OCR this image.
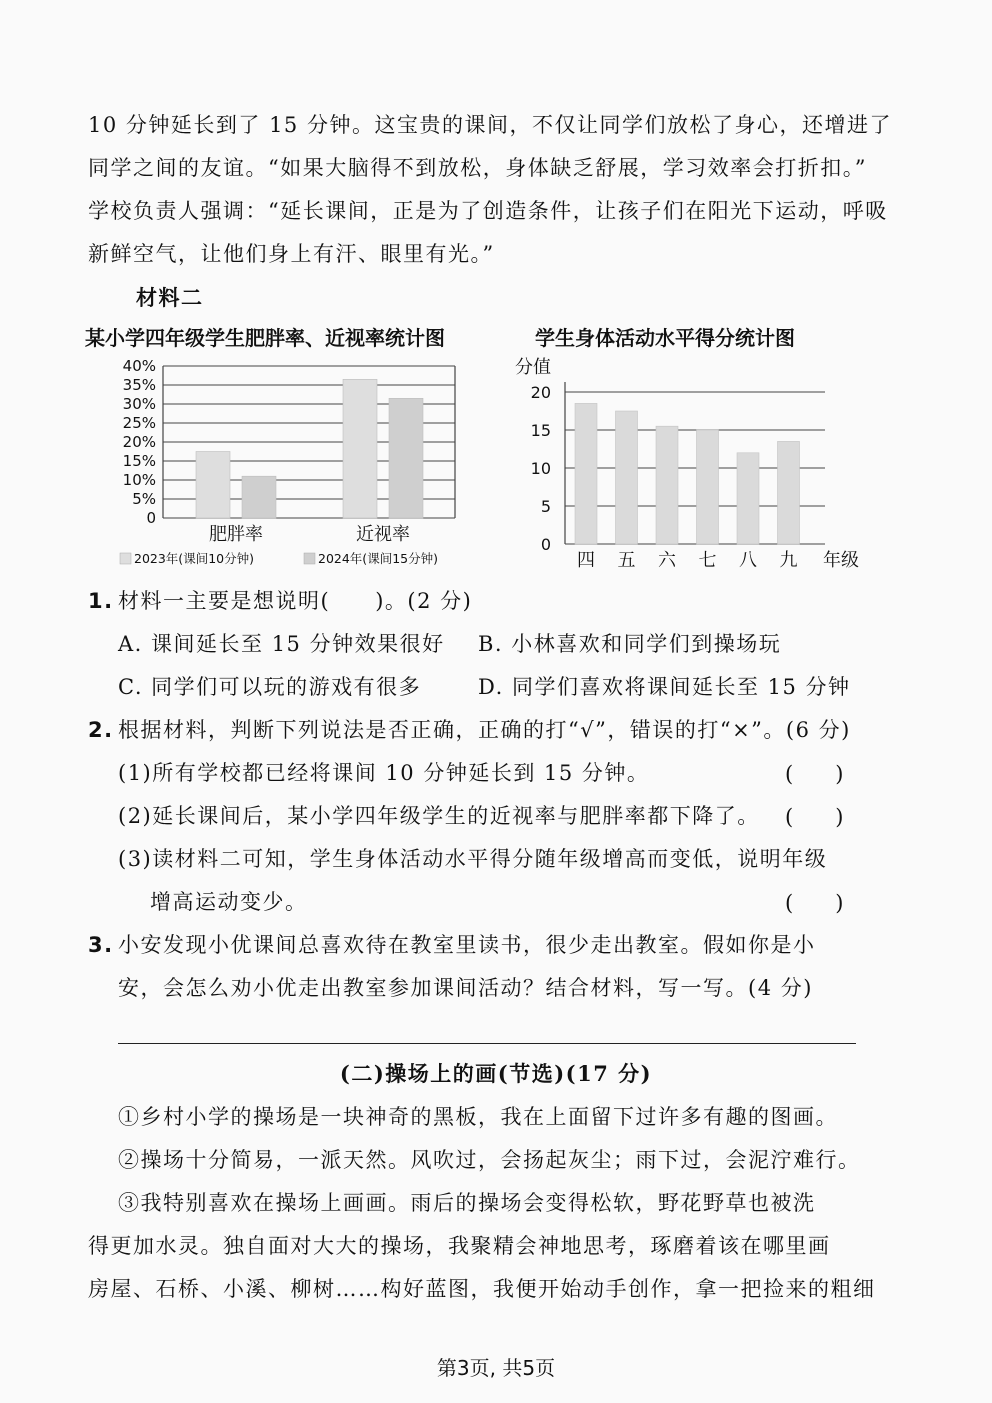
10 分钟延长到了 15 分钟。这宝贵的课间，不仅让同学们放松了身心，还增进了
同学之间的友谊。“如果大脑得不到放松，身体缺乏舒展，学习效率会打折扣。”
学校负责人强调：“延长课间，正是为了创造条件，让孩子们在阳光下运动，呼吸
新鲜空气，让他们身上有汗、眼里有光。”
材料二
某小学四年级学生肥胖率、近视率统计图
0
5%
10%
15%
20%
25%
30%
35%
40%
肥胖率	近视率
2023年(课间10分钟)	2024年(课间15分钟)
学生身体活动水平得分统计图
分值
0
5
10
15
20
四 五 六 七 八 九 年级
1. 材料一主要是想说明(　　)。(2 分)
A. 课间延长至 15 分钟效果很好 B. 小林喜欢和同学们到操场玩
C. 同学们可以玩的游戏有很多	D. 同学们喜欢将课间延长至 15 分钟
2. 根据材料，判断下列说法是否正确，正确的打“√”，错误的打“×”。(6 分)
(1)所有学校都已经将课间 10 分钟延长到 15 分钟。	(　　)
(2)延长课间后，某小学四年级学生的近视率与肥胖率都下降了。 (　　)
(3)读材料二可知，学生身体活动水平得分随年级增高而变低，说明年级
增高运动变少。	(　　)
3. 小安发现小优课间总喜欢待在教室里读书，很少走出教室。假如你是小
安，会怎么劝小优走出教室参加课间活动？结合材料，写一写。(4 分)
(二)操场上的画(节选)(17 分)
①乡村小学的操场是一块神奇的黑板，我在上面留下过许多有趣的图画。
②操场十分简易，一派天然。风吹过，会扬起灰尘；雨下过，会泥泞难行。
③我特别喜欢在操场上画画。雨后的操场会变得松软，野花野草也被洗
得更加水灵。独自面对大大的操场，我聚精会神地思考，琢磨着该在哪里画
房屋、石桥、小溪、柳树……构好蓝图，我便开始动手创作，拿一把捡来的粗细
第3页, 共5页
